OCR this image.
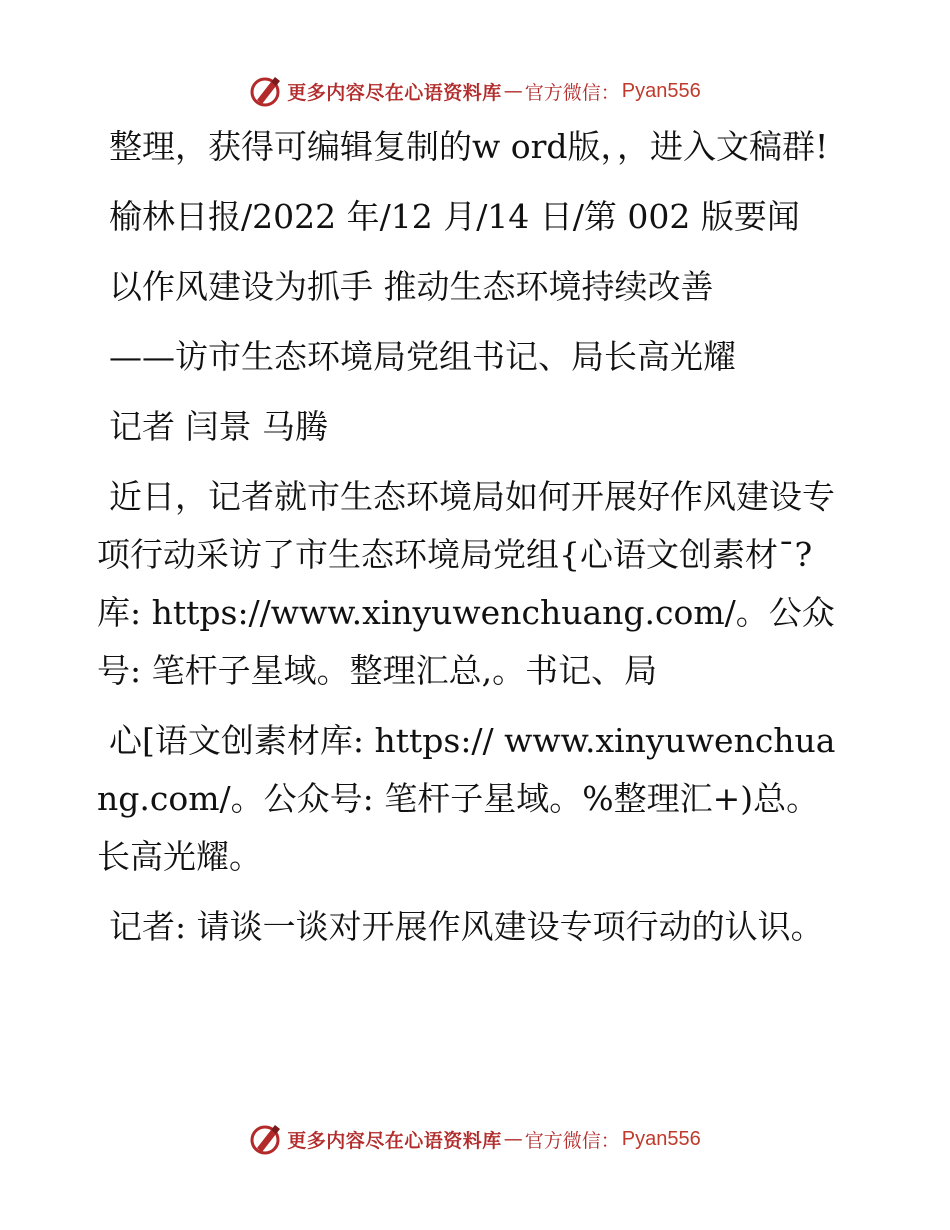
更多内容尽在心语资料库 — 官方微信： Pyan556

整理，获得可编辑复制的w ord版，，进入文稿群!

榆林日报/2022 年/12 月/14 日/第 002 版要闻

以作风建设为抓手 推动生态环境持续改善

——访市生态环境局党组书记、局长高光耀

记者 闫景 马腾

近日，记者就市生态环境局如何开展好作风建设专项行动采访了市生态环境局党组{心语文创素材¯?库: https://www.xinyuwenchuang.com/。公众号: 笔杆子星域。整理汇总,。书记、局

心[语文创素材库: https:// www.xinyuwenchuang.com/。公众号: 笔杆子星域。%整理汇+)总。长高光耀。

记者: 请谈一谈对开展作风建设专项行动的认识。

更多内容尽在心语资料库 — 官方微信： Pyan556
